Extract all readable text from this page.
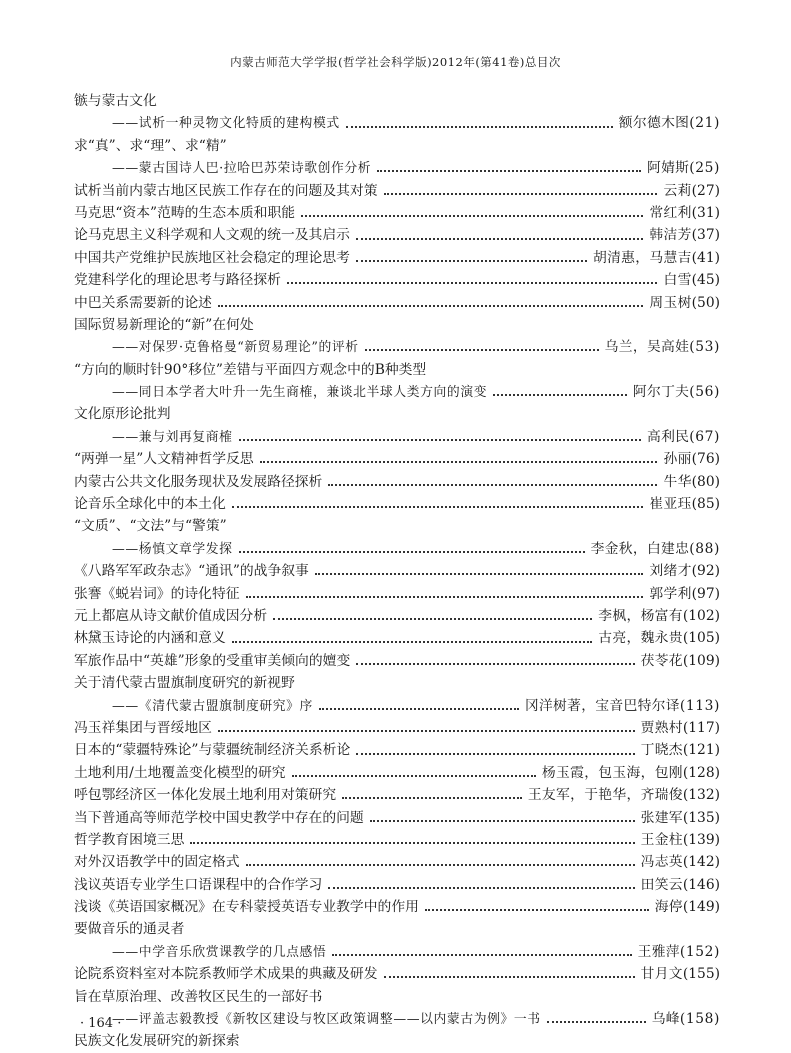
内蒙古师范大学学报(哲学社会科学版)2012年(第41卷)总目次
镞与蒙古文化
——试析一种灵物文化特质的建构模式	额尔德木图 (21)
求“真”、求“理”、求“精”
——蒙古国诗人巴·拉哈巴苏荣诗歌创作分析	阿婧斯 (25)
试析当前内蒙古地区民族工作存在的问题及其对策	云莉 (27)
马克思“资本”范畴的生态本质和职能	常红利 (31)
论马克思主义科学观和人文观的统一及其启示	韩洁芳 (37)
中国共产党维护民族地区社会稳定的理论思考	胡清惠，马慧吉 (41)
党建科学化的理论思考与路径探析	白雪 (45)
中巴关系需要新的论述	周玉树 (50)
国际贸易新理论的“新”在何处
——对保罗·克鲁格曼“新贸易理论”的评析	乌兰，吴高娃 (53)
“方向的顺时针90°移位”差错与平面四方观念中的B种类型
——同日本学者大叶升一先生商榷，兼谈北半球人类方向的演变	阿尔丁夫 (56)
文化原形论批判
——兼与刘再复商榷	高利民 (67)
“两弹一星”人文精神哲学反思	孙丽 (76)
内蒙古公共文化服务现状及发展路径探析	牛华 (80)
论音乐全球化中的本土化	崔亚珏 (85)
“文质”、“文法”与“警策”
——杨慎文章学发探	李金秋，白建忠 (88)
《八路军军政杂志》“通讯”的战争叙事	刘绪才 (92)
张謇《蜕岩词》的诗化特征	郭学利 (97)
元上都扈从诗文献价值成因分析	李枫，杨富有 (102)
林黛玉诗论的内涵和意义	古亮，魏永贵 (105)
军旅作品中“英雄”形象的受重审美倾向的嬗变	茯苓花 (109)
关于清代蒙古盟旗制度研究的新视野
——《清代蒙古盟旗制度研究》序	冈洋树著，宝音巴特尔译 (113)
冯玉祥集团与晋绥地区	贾熟村 (117)
日本的“蒙疆特殊论”与蒙疆统制经济关系析论	丁晓杰 (121)
土地利用/土地覆盖变化模型的研究	杨玉霞，包玉海，包刚 (128)
呼包鄂经济区一体化发展土地利用对策研究	王友军，于艳华，齐瑞俊 (132)
当下普通高等师范学校中国史教学中存在的问题	张建军 (135)
哲学教育困境三思	王金柱 (139)
对外汉语教学中的固定格式	冯志英 (142)
浅议英语专业学生口语课程中的合作学习	田笑云 (146)
浅谈《英语国家概况》在专科蒙授英语专业教学中的作用	海停 (149)
要做音乐的通灵者
——中学音乐欣赏课教学的几点感悟	王雅萍 (152)
论院系资料室对本院系教师学术成果的典藏及研发	甘月文 (155)
旨在草原治理、改善牧区民生的一部好书
——评盖志毅教授《新牧区建设与牧区政策调整——以内蒙古为例》一书	乌峰 (158)
民族文化发展研究的新探索
· 164 ·
